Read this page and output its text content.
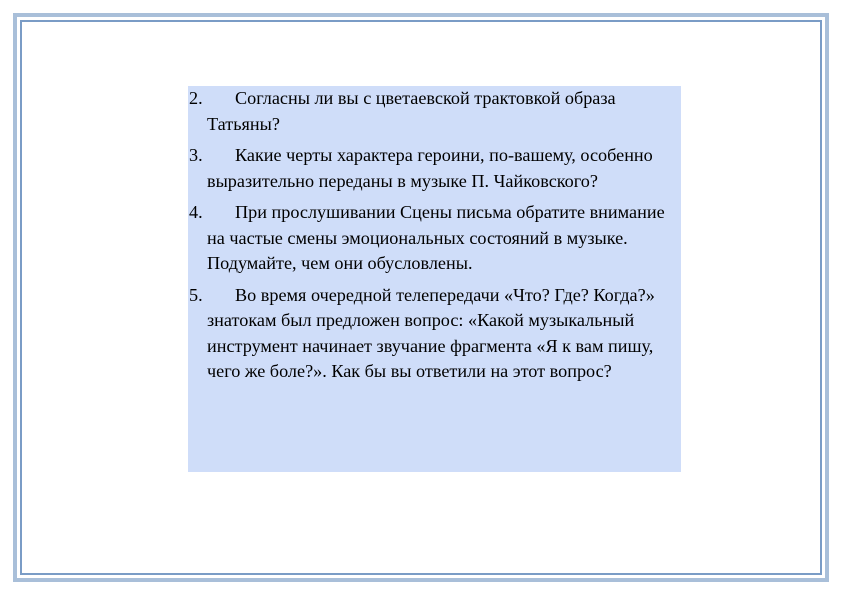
2.	Согласны ли вы с цветаевской трактовкой образа Татьяны?
3.	Какие черты характера героини, по-вашему, особенно выразительно переданы в музыке П. Чайковского?
4.	При прослушивании Сцены письма обратите внимание на частые смены эмоциональных состояний в музыке. Подумайте, чем они обусловлены.
5.	Во время очередной телепередачи «Что? Где? Когда?» знатокам был предложен вопрос: «Какой музыкальный инструмент начинает звучание фрагмента «Я к вам пишу, чего же боле?». Как бы вы ответили на этот вопрос?
